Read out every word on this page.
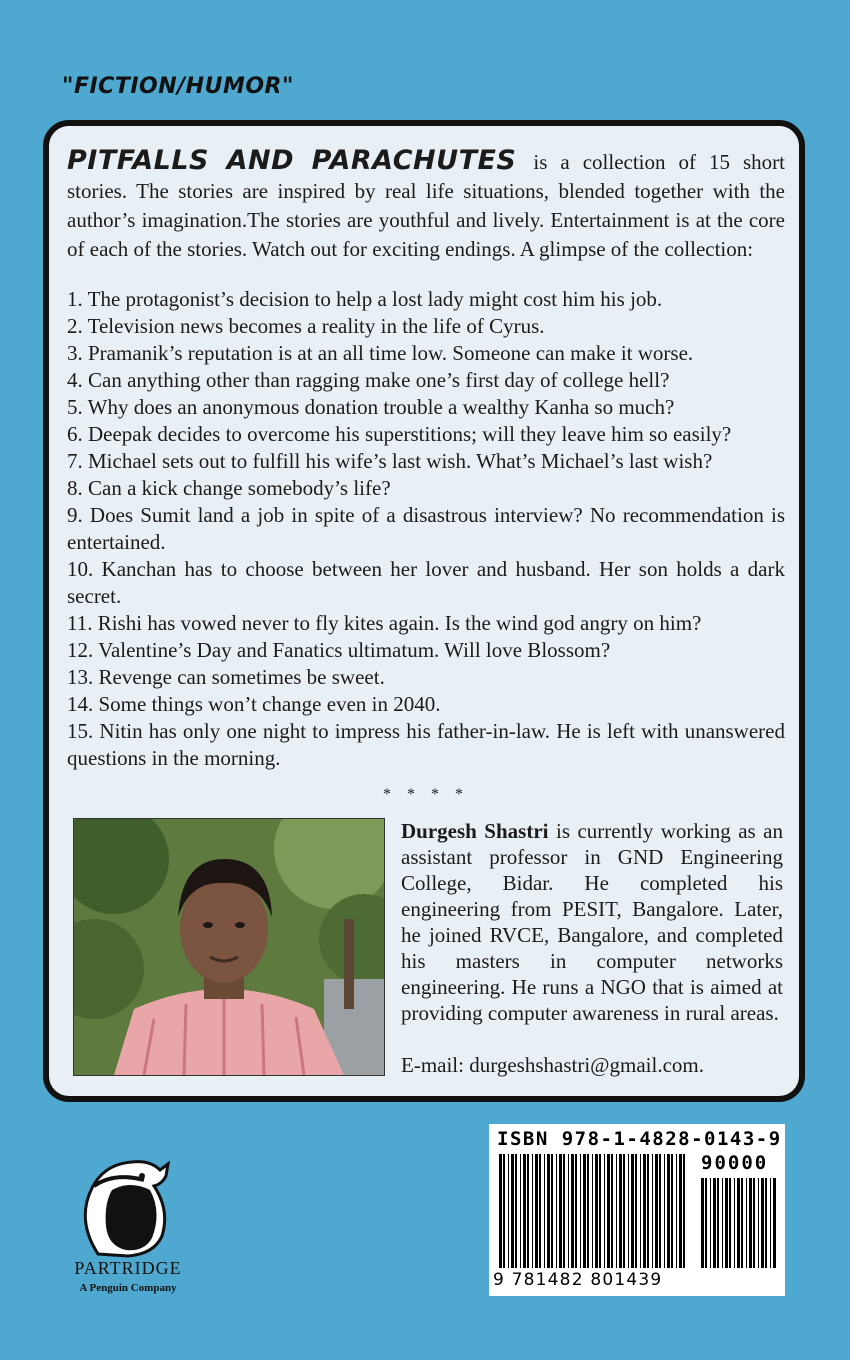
"FICTION/HUMOR"

PITFALLS AND PARACHUTES is a collection of 15 short stories. The stories are inspired by real life situations, blended together with the author’s imagination.The stories are youthful and lively. Entertainment is at the core of each of the stories. Watch out for exciting endings. A glimpse of the collection:

1. The protagonist’s decision to help a lost lady might cost him his job.
2. Television news becomes a reality in the life of Cyrus.
3. Pramanik’s reputation is at an all time low. Someone can make it worse.
4. Can anything other than ragging make one’s first day of college hell?
5. Why does an anonymous donation trouble a wealthy Kanha so much?
6. Deepak decides to overcome his superstitions; will they leave him so easily?
7. Michael sets out to fulfill his wife’s last wish. What’s Michael’s last wish?
8. Can a kick change somebody’s life?
9. Does Sumit land a job in spite of a disastrous interview? No recommendation is entertained.
10. Kanchan has to choose between her lover and husband. Her son holds a dark secret.
11. Rishi has vowed never to fly kites again. Is the wind god angry on him?
12. Valentine’s Day and Fanatics ultimatum. Will love Blossom?
13. Revenge can sometimes be sweet.
14. Some things won’t change even in 2040.
15. Nitin has only one night to impress his father-in-law. He is left with unanswered questions in the morning.
* * * *

Durgesh Shastri is currently working as an assistant professor in GND Engineering College, Bidar. He completed his engineering from PESIT, Bangalore. Later, he joined RVCE, Bangalore, and completed his masters in computer networks engineering. He runs a NGO that is aimed at providing computer awareness in rural areas.

E-mail: durgeshshastri@gmail.com.

PARTRIDGE
A Penguin Company
ISBN 978-1-4828-0143-9
90000
9 781482 801439
